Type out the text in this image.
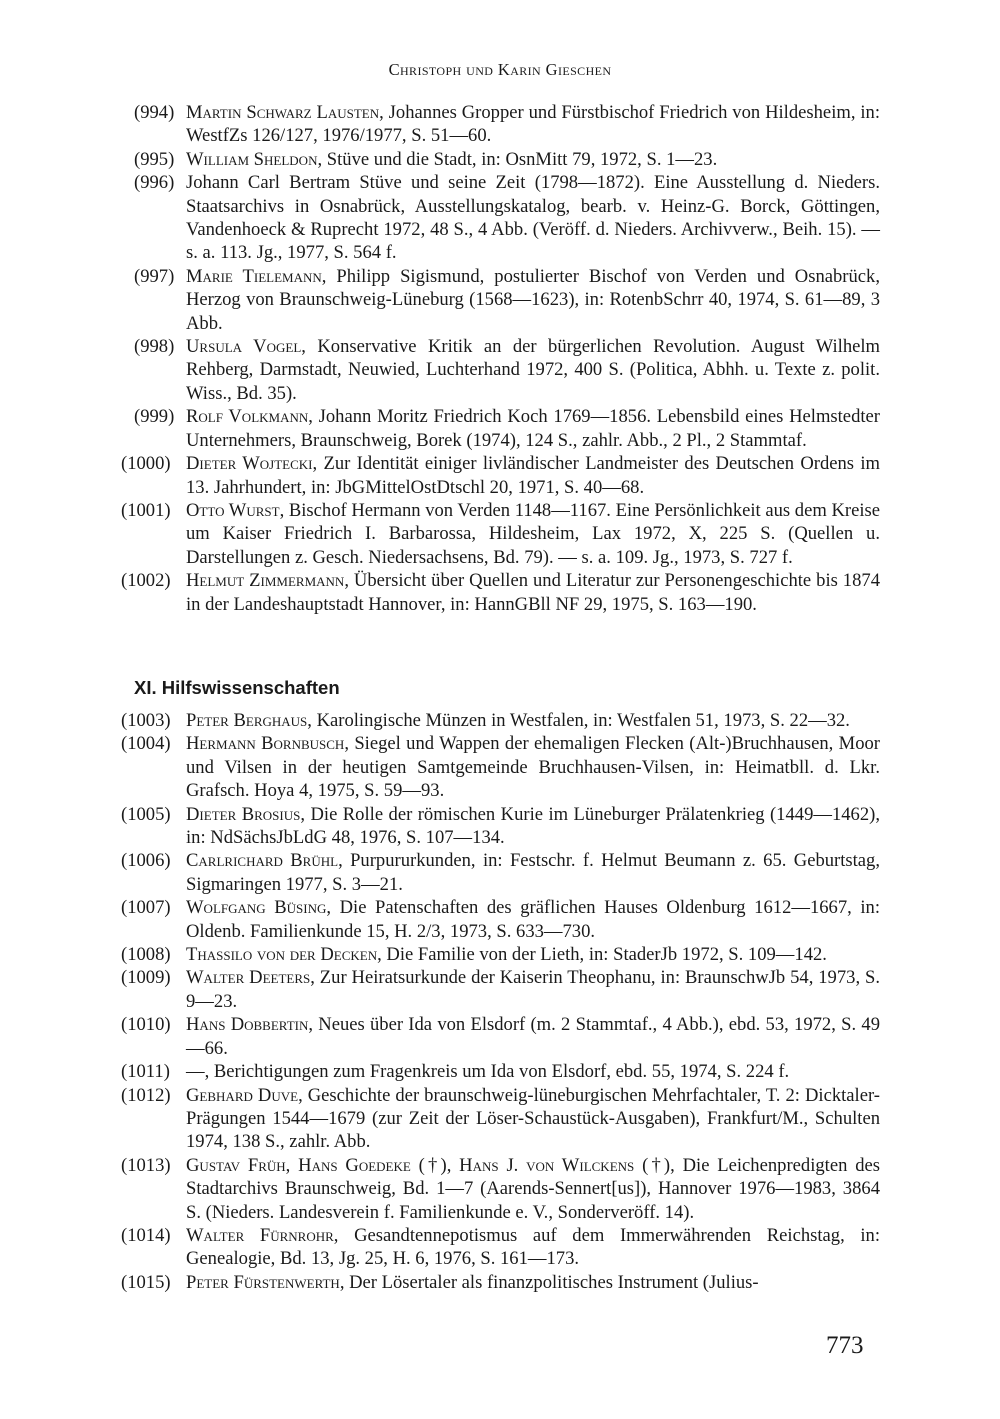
Christoph und Karin Gieschen
(994) Martin Schwarz Lausten, Johannes Gropper und Fürstbischof Friedrich von Hildesheim, in: WestfZs 126/127, 1976/1977, S. 51—60.
(995) William Sheldon, Stüve und die Stadt, in: OsnMitt 79, 1972, S. 1—23.
(996) Johann Carl Bertram Stüve und seine Zeit (1798—1872). Eine Ausstellung d. Nieders. Staatsarchivs in Osnabrück, Ausstellungskatalog, bearb. v. Heinz-G. Borck, Göttingen, Vandenhoeck & Ruprecht 1972, 48 S., 4 Abb. (Veröff. d. Nieders. Archivverw., Beih. 15). — s. a. 113. Jg., 1977, S. 564 f.
(997) Marie Tielemann, Philipp Sigismund, postulierter Bischof von Verden und Osnabrück, Herzog von Braunschweig-Lüneburg (1568—1623), in: RotenbSchrr 40, 1974, S. 61—89, 3 Abb.
(998) Ursula Vogel, Konservative Kritik an der bürgerlichen Revolution. August Wilhelm Rehberg, Darmstadt, Neuwied, Luchterhand 1972, 400 S. (Politica, Abhh. u. Texte z. polit. Wiss., Bd. 35).
(999) Rolf Volkmann, Johann Moritz Friedrich Koch 1769—1856. Lebensbild eines Helmstedter Unternehmers, Braunschweig, Borek (1974), 124 S., zahlr. Abb., 2 Pl., 2 Stammtaf.
(1000) Dieter Wojtecki, Zur Identität einiger livländischer Landmeister des Deutschen Ordens im 13. Jahrhundert, in: JbGMittelOstDtschl 20, 1971, S. 40—68.
(1001) Otto Wurst, Bischof Hermann von Verden 1148—1167. Eine Persönlichkeit aus dem Kreise um Kaiser Friedrich I. Barbarossa, Hildesheim, Lax 1972, X, 225 S. (Quellen u. Darstellungen z. Gesch. Niedersachsens, Bd. 79). — s. a. 109. Jg., 1973, S. 727 f.
(1002) Helmut Zimmermann, Übersicht über Quellen und Literatur zur Personengeschichte bis 1874 in der Landeshauptstadt Hannover, in: HannGBll NF 29, 1975, S. 163—190.
XI. Hilfswissenschaften
(1003) Peter Berghaus, Karolingische Münzen in Westfalen, in: Westfalen 51, 1973, S. 22—32.
(1004) Hermann Bornbusch, Siegel und Wappen der ehemaligen Flecken (Alt-)Bruchhausen, Moor und Vilsen in der heutigen Samtgemeinde Bruchhausen-Vilsen, in: Heimatbll. d. Lkr. Grafsch. Hoya 4, 1975, S. 59—93.
(1005) Dieter Brosius, Die Rolle der römischen Kurie im Lüneburger Prälatenkrieg (1449—1462), in: NdSächsJbLdG 48, 1976, S. 107—134.
(1006) Carlrichard Brühl, Purpururkunden, in: Festschr. f. Helmut Beumann z. 65. Geburtstag, Sigmaringen 1977, S. 3—21.
(1007) Wolfgang Büsing, Die Patenschaften des gräflichen Hauses Oldenburg 1612—1667, in: Oldenb. Familienkunde 15, H. 2/3, 1973, S. 633—730.
(1008) Thassilo von der Decken, Die Familie von der Lieth, in: StaderJb 1972, S. 109—142.
(1009) Walter Deeters, Zur Heiratsurkunde der Kaiserin Theophanu, in: BraunschwJb 54, 1973, S. 9—23.
(1010) Hans Dobbertin, Neues über Ida von Elsdorf (m. 2 Stammtaf., 4 Abb.), ebd. 53, 1972, S. 49—66.
(1011) —, Berichtigungen zum Fragenkreis um Ida von Elsdorf, ebd. 55, 1974, S. 224 f.
(1012) Gebhard Duve, Geschichte der braunschweig-lüneburgischen Mehrfachtaler, T. 2: Dicktaler-Prägungen 1544—1679 (zur Zeit der Löser-Schaustück-Ausgaben), Frankfurt/M., Schulten 1974, 138 S., zahlr. Abb.
(1013) Gustav Früh, Hans Goedeke (†), Hans J. von Wilckens (†), Die Leichenpredigten des Stadtarchivs Braunschweig, Bd. 1—7 (Aarends-Sennert[us]), Hannover 1976—1983, 3864 S. (Nieders. Landesverein f. Familienkunde e. V., Sonderveröff. 14).
(1014) Walter Fürnrohr, Gesandtennepotismus auf dem Immerwährenden Reichstag, in: Genealogie, Bd. 13, Jg. 25, H. 6, 1976, S. 161—173.
(1015) Peter Fürstenwerth, Der Lösertaler als finanzpolitisches Instrument (Julius-
773
